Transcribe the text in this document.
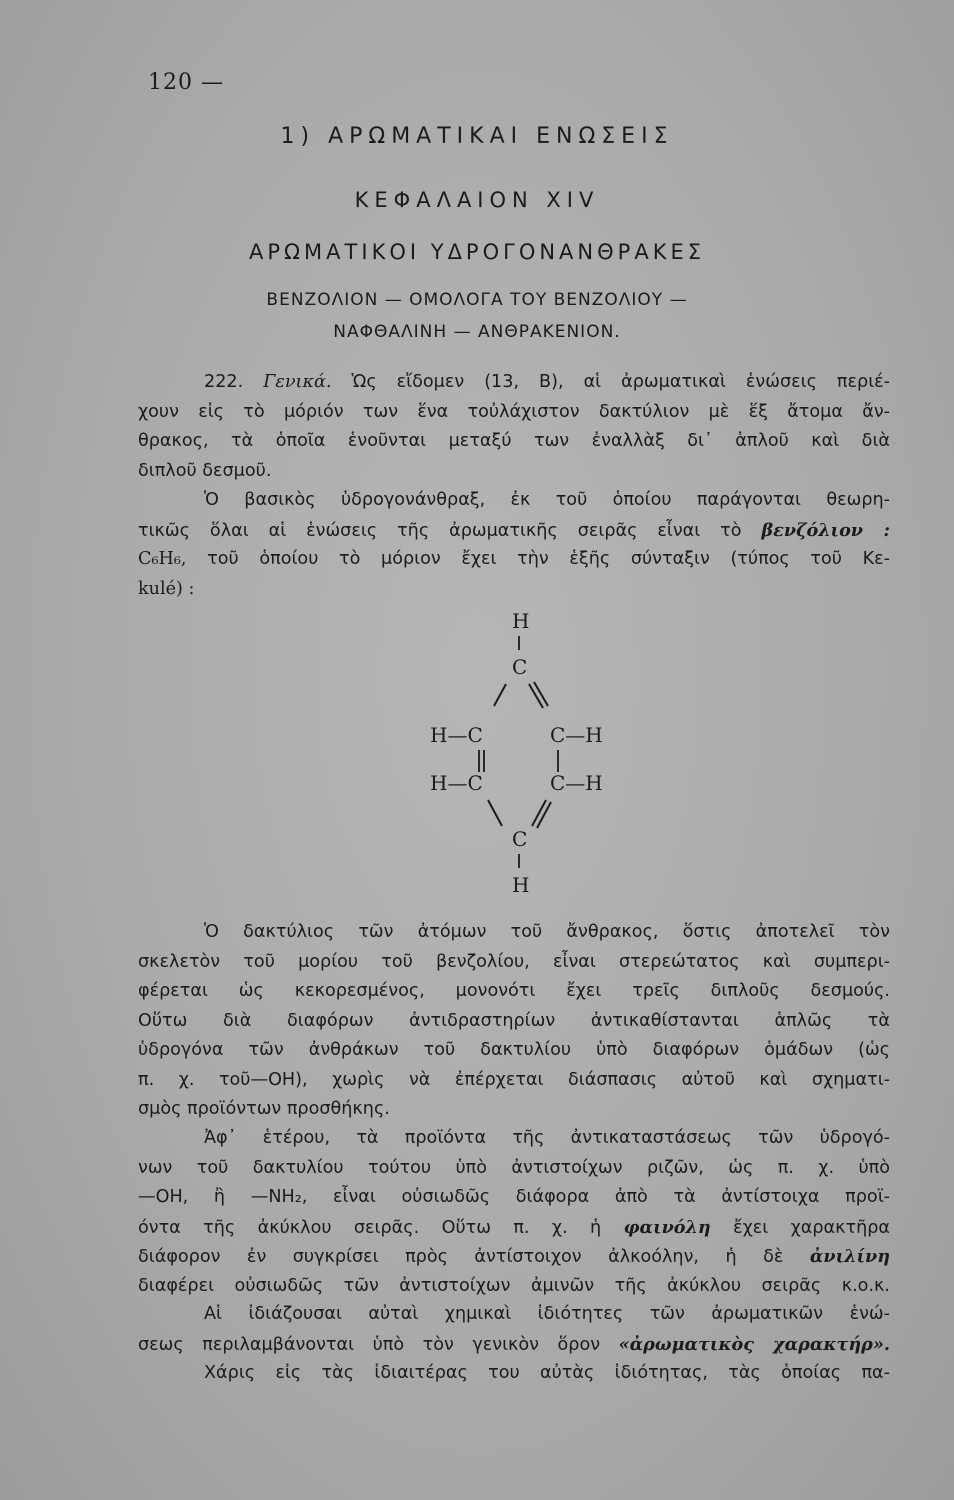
120 —
1) ΑΡΩΜΑΤΙΚΑΙ ΕΝΩΣΕΙΣ
ΚΕΦΑΛΑΙΟΝ XIV
ΑΡΩΜΑΤΙΚΟΙ ΥΔΡΟΓΟΝΑΝΘΡΑΚΕΣ
ΒΕΝΖΟΛΙΟΝ — ΟΜΟΛΟΓΑ ΤΟΥ ΒΕΝΖΟΛΙΟΥ —
ΝΑΦΘΑΛΙΝΗ — ΑΝΘΡΑΚΕΝΙΟΝ.
222. Γενικά. Ὡς εἴδομεν (13, Β), αἱ ἀρωματικαὶ ἑνώσεις περιέ-
χουν εἰς τὸ μόριόν των ἕνα τοὐλάχιστον δακτύλιον μὲ ἕξ ἄτομα ἄν-
θρακος, τὰ ὁποῖα ἑνοῦνται μεταξύ των ἐναλλὰξ δι᾽ ἁπλοῦ καὶ διὰ
διπλοῦ δεσμοῦ.
Ὁ βασικὸς ὑδρογονάνθραξ, ἐκ τοῦ ὁποίου παράγονται θεωρη-
τικῶς ὅλαι αἱ ἑνώσεις τῆς ἀρωματικῆς σειρᾶς εἶναι τὸ βενζόλιον :
C₆H₆, τοῦ ὁποίου τὸ μόριον ἔχει τὴν ἑξῆς σύνταξιν (τύπος τοῦ Κε-
kulé) :
H
C
H—C	C—H
H—C	C—H
C
H
Ὁ δακτύλιος τῶν ἀτόμων τοῦ ἄνθρακος, ὅστις ἀποτελεῖ τὸν
σκελετὸν τοῦ μορίου τοῦ βενζολίου, εἶναι στερεώτατος καὶ συμπερι-
φέρεται ὡς κεκορεσμένος, μονονότι ἔχει τρεῖς διπλοῦς δεσμούς.
Οὕτω διὰ διαφόρων ἀντιδραστηρίων ἀντικαθίστανται ἁπλῶς τὰ
ὑδρογόνα τῶν ἀνθράκων τοῦ δακτυλίου ὑπὸ διαφόρων ὁμάδων (ὡς
π. χ. τοῦ—OH), χωρὶς νὰ ἐπέρχεται διάσπασις αὐτοῦ καὶ σχηματι-
σμὸς προϊόντων προσθήκης.
Ἀφ᾽ ἑτέρου, τὰ προϊόντα τῆς ἀντικαταστάσεως τῶν ὑδρογό-
νων τοῦ δακτυλίου τούτου ὑπὸ ἀντιστοίχων ριζῶν, ὡς π. χ. ὑπὸ
—OH, ἢ —NH₂, εἶναι οὐσιωδῶς διάφορα ἀπὸ τὰ ἀντίστοιχα προϊ-
όντα τῆς ἀκύκλου σειρᾶς. Οὕτω π. χ. ἡ φαινόλη ἔχει χαρακτῆρα
διάφορον ἐν συγκρίσει πρὸς ἀντίστοιχον ἀλκοόλην, ἡ δὲ ἀνιλίνη
διαφέρει οὐσιωδῶς τῶν ἀντιστοίχων ἀμινῶν τῆς ἀκύκλου σειρᾶς κ.ο.κ.
Αἱ ἰδιάζουσαι αὐταὶ χημικαὶ ἰδιότητες τῶν ἀρωματικῶν ἑνώ-
σεως περιλαμβάνονται ὑπὸ τὸν γενικὸν ὅρον «ἀρωματικὸς χαρακτήρ».
Χάρις εἰς τὰς ἰδιαιτέρας του αὐτὰς ἰδιότητας, τὰς ὁποίας πα-
